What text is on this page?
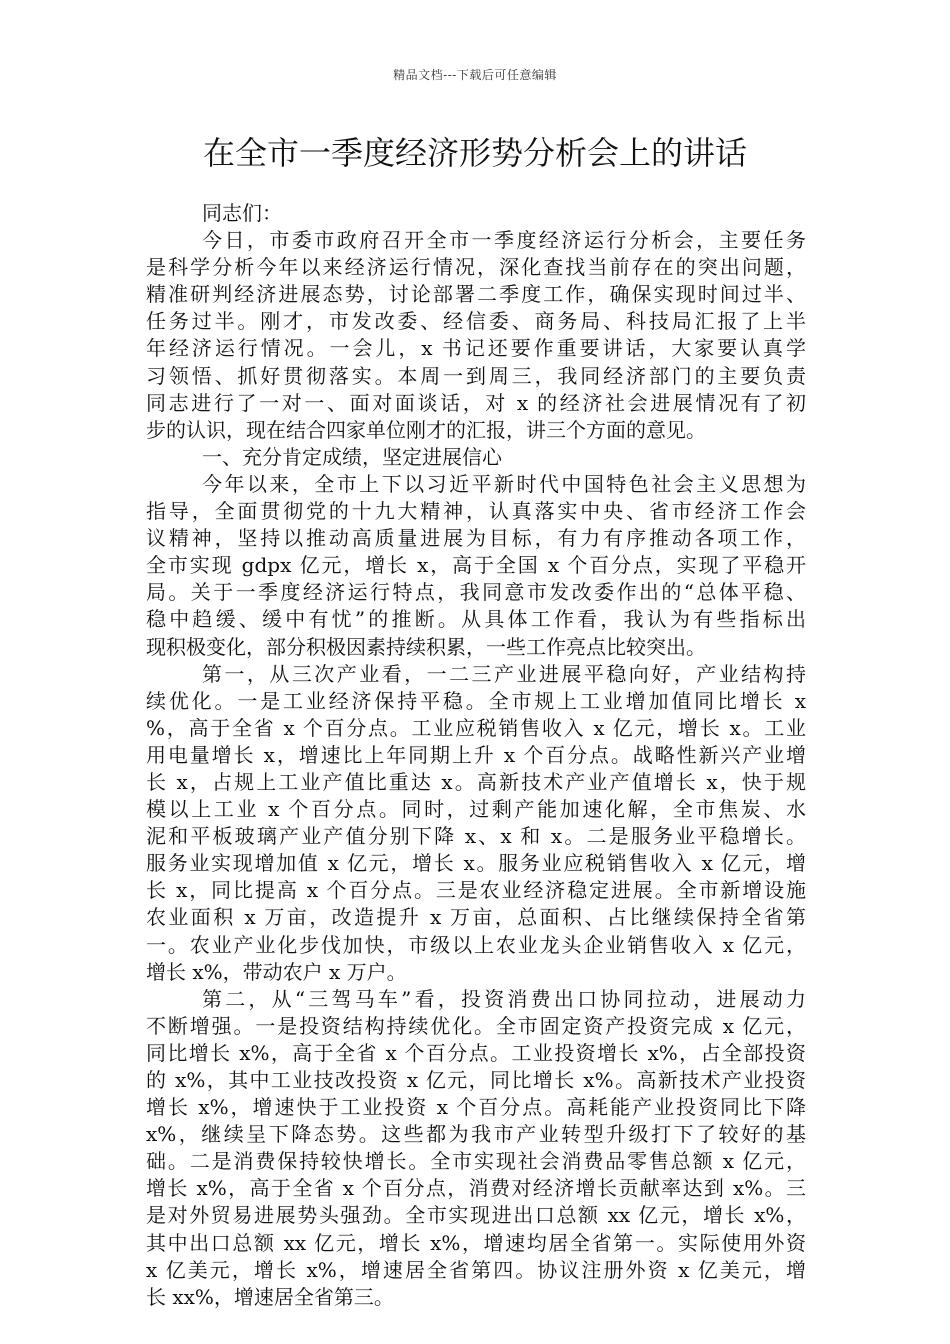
精品文档---下载后可任意编辑
在全市一季度经济形势分析会上的讲话
同志们：
今日，市委市政府召开全市一季度经济运行分析会，主要任务
是科学分析今年以来经济运行情况，深化查找当前存在的突出问题，
精准研判经济进展态势，讨论部署二季度工作，确保实现时间过半、
任务过半。刚才，市发改委、经信委、商务局、科技局汇报了上半
年经济运行情况。一会儿，x 书记还要作重要讲话，大家要认真学
习领悟、抓好贯彻落实。本周一到周三，我同经济部门的主要负责
同志进行了一对一、面对面谈话，对 x 的经济社会进展情况有了初
步的认识，现在结合四家单位刚才的汇报，讲三个方面的意见。
一、充分肯定成绩，坚定进展信心
今年以来，全市上下以习近平新时代中国特色社会主义思想为
指导，全面贯彻党的十九大精神，认真落实中央、省市经济工作会
议精神，坚持以推动高质量进展为目标，有力有序推动各项工作，
全市实现 gdpx 亿元，增长 x，高于全国 x 个百分点，实现了平稳开
局。关于一季度经济运行特点，我同意市发改委作出的“总体平稳、
稳中趋缓、缓中有忧”的推断。从具体工作看，我认为有些指标出
现积极变化，部分积极因素持续积累，一些工作亮点比较突出。
第一，从三次产业看，一二三产业进展平稳向好，产业结构持
续优化。一是工业经济保持平稳。全市规上工业增加值同比增长 x
%，高于全省 x 个百分点。工业应税销售收入 x 亿元，增长 x。工业
用电量增长 x，增速比上年同期上升 x 个百分点。战略性新兴产业增
长 x，占规上工业产值比重达 x。高新技术产业产值增长 x，快于规
模以上工业 x 个百分点。同时，过剩产能加速化解，全市焦炭、水
泥和平板玻璃产业产值分别下降 x、x 和 x。二是服务业平稳增长。
服务业实现增加值 x 亿元，增长 x。服务业应税销售收入 x 亿元，增
长 x，同比提高 x 个百分点。三是农业经济稳定进展。全市新增设施
农业面积 x 万亩，改造提升 x 万亩，总面积、占比继续保持全省第
一。农业产业化步伐加快，市级以上农业龙头企业销售收入 x 亿元，
增长 x%，带动农户 x 万户。
第二，从“三驾马车”看，投资消费出口协同拉动，进展动力
不断增强。一是投资结构持续优化。全市固定资产投资完成 x 亿元，
同比增长 x%，高于全省 x 个百分点。工业投资增长 x%，占全部投资
的 x%，其中工业技改投资 x 亿元，同比增长 x%。高新技术产业投资
增长 x%，增速快于工业投资 x 个百分点。高耗能产业投资同比下降
x%，继续呈下降态势。这些都为我市产业转型升级打下了较好的基
础。二是消费保持较快增长。全市实现社会消费品零售总额 x 亿元，
增长 x%，高于全省 x 个百分点，消费对经济增长贡献率达到 x%。三
是对外贸易进展势头强劲。全市实现进出口总额 xx 亿元，增长 x%，
其中出口总额 xx 亿元，增长 x%，增速均居全省第一。实际使用外资
x 亿美元，增长 x%，增速居全省第四。协议注册外资 x 亿美元，增
长 xx%，增速居全省第三。
